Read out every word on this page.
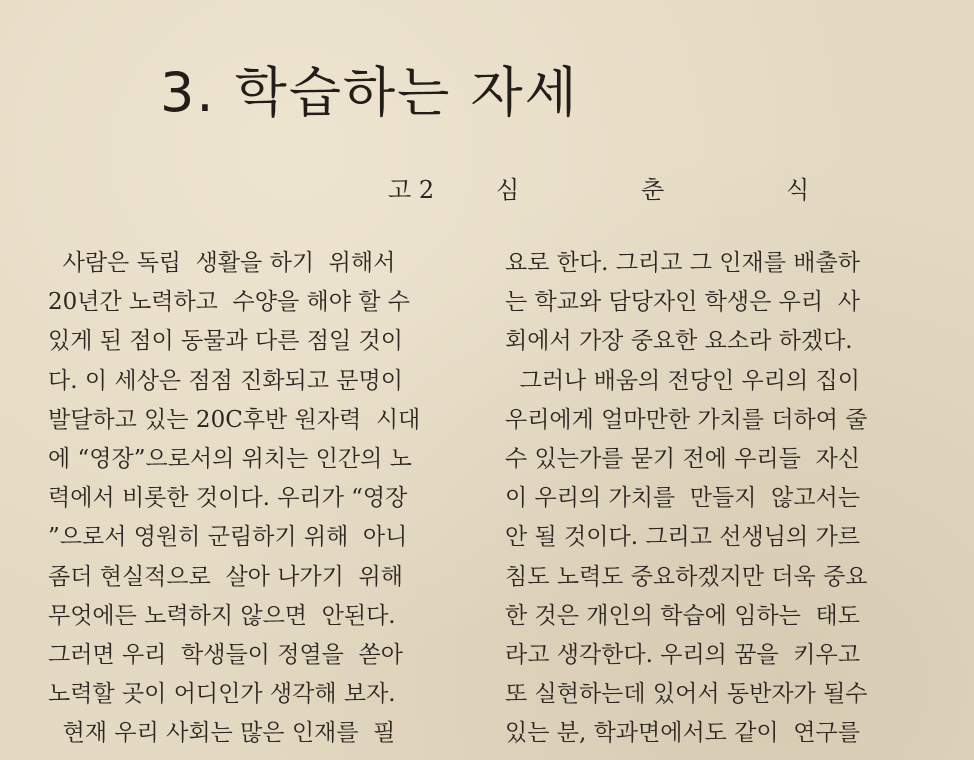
3. 학습하는 자세
고 2	심	춘	식
사람은 독립  생활을 하기  위해서
20년간 노력하고  수양을 해야 할 수
있게 된 점이 동물과 다른 점일 것이
다. 이 세상은 점점 진화되고 문명이
발달하고 있는 20C후반 원자력  시대
에 “영장”으로서의 위치는 인간의 노
력에서 비롯한 것이다. 우리가 “영장
”으로서 영원히 군림하기 위해  아니
좀더 현실적으로  살아 나가기  위해
무엇에든 노력하지 않으면  안된다.
그러면 우리  학생들이 정열을  쏟아
노력할 곳이 어디인가 생각해 보자.
현재 우리 사회는 많은 인재를  필
요로 한다. 그리고 그 인재를 배출하
는 학교와 담당자인 학생은 우리  사
회에서 가장 중요한 요소라 하겠다.
그러나 배움의 전당인 우리의 집이
우리에게 얼마만한 가치를 더하여 줄
수 있는가를 묻기 전에 우리들  자신
이 우리의 가치를  만들지  않고서는
안 될 것이다. 그리고 선생님의 가르
침도 노력도 중요하겠지만 더욱 중요
한 것은 개인의 학습에 임하는  태도
라고 생각한다. 우리의 꿈을  키우고
또 실현하는데 있어서 동반자가 될수
있는 분, 학과면에서도 같이  연구를
